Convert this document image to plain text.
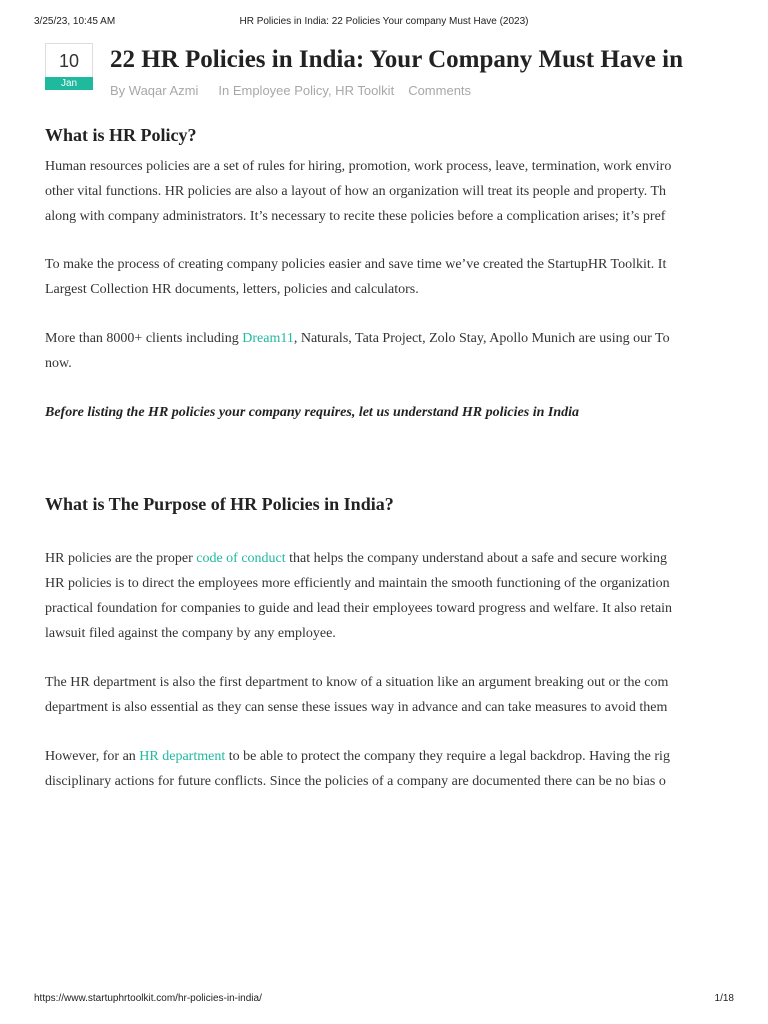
3/25/23, 10:45 AM	HR Policies in India: 22 Policies Your company Must Have (2023)
10
Jan
22 HR Policies in India: Your Company Must Have in
By Waqar Azmi In Employee Policy, HR Toolkit Comments
What is HR Policy?

Human resources policies are a set of rules for hiring, promotion, work process, leave, termination, work enviro
other vital functions. HR policies are also a layout of how an organization will treat its people and property. Th
along with company administrators. It’s necessary to recite these policies before a complication arises; it’s pref

To make the process of creating company policies easier and save time we’ve created the StartupHR Toolkit. It
Largest Collection HR documents, letters, policies and calculators.

More than 8000+ clients including Dream11, Naturals, Tata Project, Zolo Stay, Apollo Munich are using our To
now.

Before listing the HR policies your company requires, let us understand HR policies in India

What is The Purpose of HR Policies in India?

HR policies are the proper code of conduct that helps the company understand about a safe and secure working
HR policies is to direct the employees more efficiently and maintain the smooth functioning of the organization
practical foundation for companies to guide and lead their employees toward progress and welfare. It also retain
lawsuit filed against the company by any employee.

The HR department is also the first department to know of a situation like an argument breaking out or the com
department is also essential as they can sense these issues way in advance and can take measures to avoid them

However, for an HR department to be able to protect the company they require a legal backdrop. Having the rig
disciplinary actions for future conflicts. Since the policies of a company are documented there can be no bias o

https://www.startuphrtoolkit.com/hr-policies-in-india/	1/18
